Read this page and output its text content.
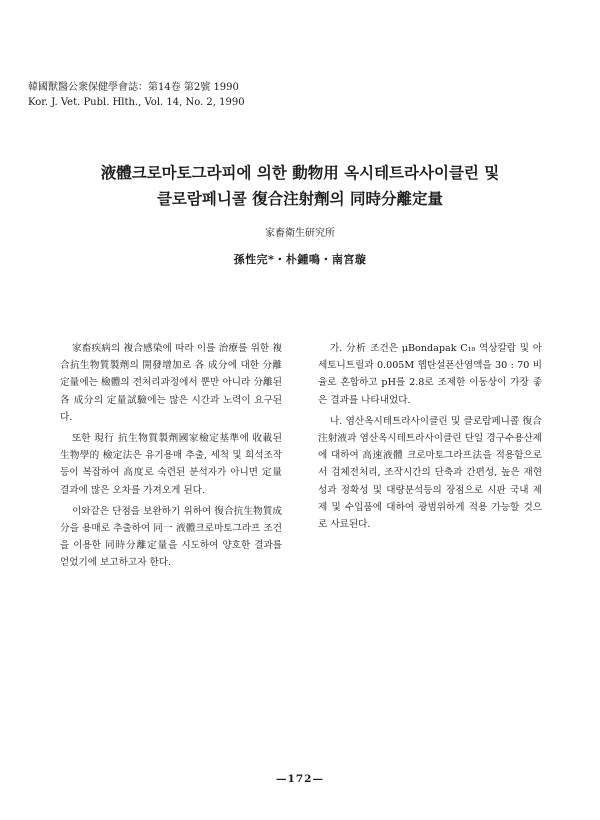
韓國獸醫公衆保健學會誌：第14卷 第2號 1990
Kor. J. Vet. Publ. Hlth., Vol. 14, No. 2, 1990
液體크로마토그라피에 의한 動物用 옥시테트라사이클린 및
클로람페니콜 復合注射劑의 同時分離定量
家畜衛生研究所
孫性完*・朴鍾鳴・南宮璇

家畜疾病의 複合感染에 따라 이를 治療를 위한 複合抗生物質製劑의 開發增加로 各 成分에 대한 分離定量에는 檢體의 전처리과정에서 뿐만 아니라 分離된 各 成分의 定量試驗에는 많은 시간과 노력이 요구된다.

또한 現行 抗生物質製劑國家檢定基準에 收載된 生物學的 檢定法은 유기용매 추출, 세척 및 희석조작등이 복잡하여 高度로 숙련된 분석자가 아니면 定量 결과에 많은 오차를 가져오게 된다.

이와같은 단점을 보완하기 위하여 復合抗生物質成分을 용매로 추출하여 同一 液體크로마토그라프 조건을 이용한 同時分離定量을 시도하여 양호한 결과를 얻었기에 보고하고자 한다.

가. 分析 조건은 μBondapak C₁₈ 역상칼람 및 아세토니트릴과 0.005M 헵탄설폰산염액을 30 : 70 비율로 혼합하고 pH를 2.8로 조제한 이동상이 가장 좋은 결과를 나타내었다.

나. 염산옥시테트라사이클린 및 클로람페니콜 復合注射液과 염산옥시테트라사이클린 단일 경구수용산제에 대하여 高速液體 크로마토그라프法을 적용함으로서 검체전처리, 조작시간의 단축과 간편성, 높은 재현성과 정확성 및 대량분석등의 장점으로 시판 국내 제제 및 수입품에 대하여 광범위하게 적용 가능할 것으로 사료된다.

—172—
